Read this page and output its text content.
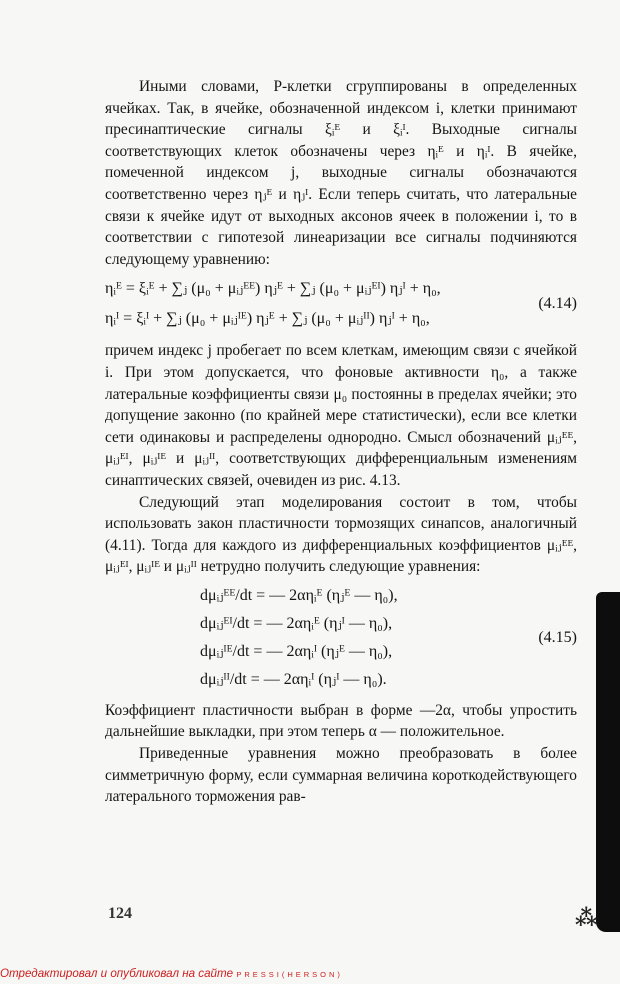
Иными словами, Р-клетки сгруппированы в определенных ячейках. Так, в ячейке, обозначенной индексом i, клетки принимают пресинаптические сигналы ξᵢᴱ и ξᵢᴵ. Выходные сигналы соответствующих клеток обозначены через ηᵢᴱ и ηᵢᴵ. В ячейке, помеченной индексом j, выходные сигналы обозначаются соответственно через ηⱼᴱ и ηⱼᴵ. Если теперь считать, что латеральные связи к ячейке идут от выходных аксонов ячеек в положении i, то в соответствии с гипотезой линеаризации все сигналы подчиняются следующему уравнению:

ηᵢᴱ = ξᵢᴱ + ∑ⱼ (μ₀ + μᵢⱼᴱᴱ) ηⱼᴱ + ∑ⱼ (μ₀ + μᵢⱼᴱᴵ) ηⱼᴵ + η₀,
ηᵢᴵ = ξᵢᴵ + ∑ⱼ (μ₀ + μᵢⱼᴵᴱ) ηⱼᴱ + ∑ⱼ (μ₀ + μᵢⱼᴵᴵ) ηⱼᴵ + η₀,
(4.14)

причем индекс j пробегает по всем клеткам, имеющим связи с ячейкой i. При этом допускается, что фоновые активности η₀, а также латеральные коэффициенты связи μ₀ постоянны в пределах ячейки; это допущение законно (по крайней мере статистически), если все клетки сети одинаковы и распределены однородно. Смысл обозначений μᵢⱼᴱᴱ, μᵢⱼᴱᴵ, μᵢⱼᴵᴱ и μᵢⱼᴵᴵ, соответствующих дифференциальным изменениям синаптических связей, очевиден из рис. 4.13.

Следующий этап моделирования состоит в том, чтобы использовать закон пластичности тормозящих синапсов, аналогичный (4.11). Тогда для каждого из дифференциальных коэффициентов μᵢⱼᴱᴱ, μᵢⱼᴱᴵ, μᵢⱼᴵᴱ и μᵢⱼᴵᴵ нетрудно получить следующие уравнения:

dμᵢⱼᴱᴱ/dt = — 2αηᵢᴱ (ηⱼᴱ — η₀),
dμᵢⱼᴱᴵ/dt = — 2αηᵢᴱ (ηⱼᴵ — η₀),
dμᵢⱼᴵᴱ/dt = — 2αηᵢᴵ (ηⱼᴱ — η₀),
dμᵢⱼᴵᴵ/dt = — 2αηᵢᴵ (ηⱼᴵ — η₀).
(4.15)

Коэффициент пластичности выбран в форме —2α, чтобы упростить дальнейшие выкладки, при этом теперь α — положительное.

Приведенные уравнения можно преобразовать в более симметричную форму, если суммарная величина короткодействующего латерального торможения рав-

124	⁂
Отредактировал и опубликовал на сайте PRESSI(HERSON)
